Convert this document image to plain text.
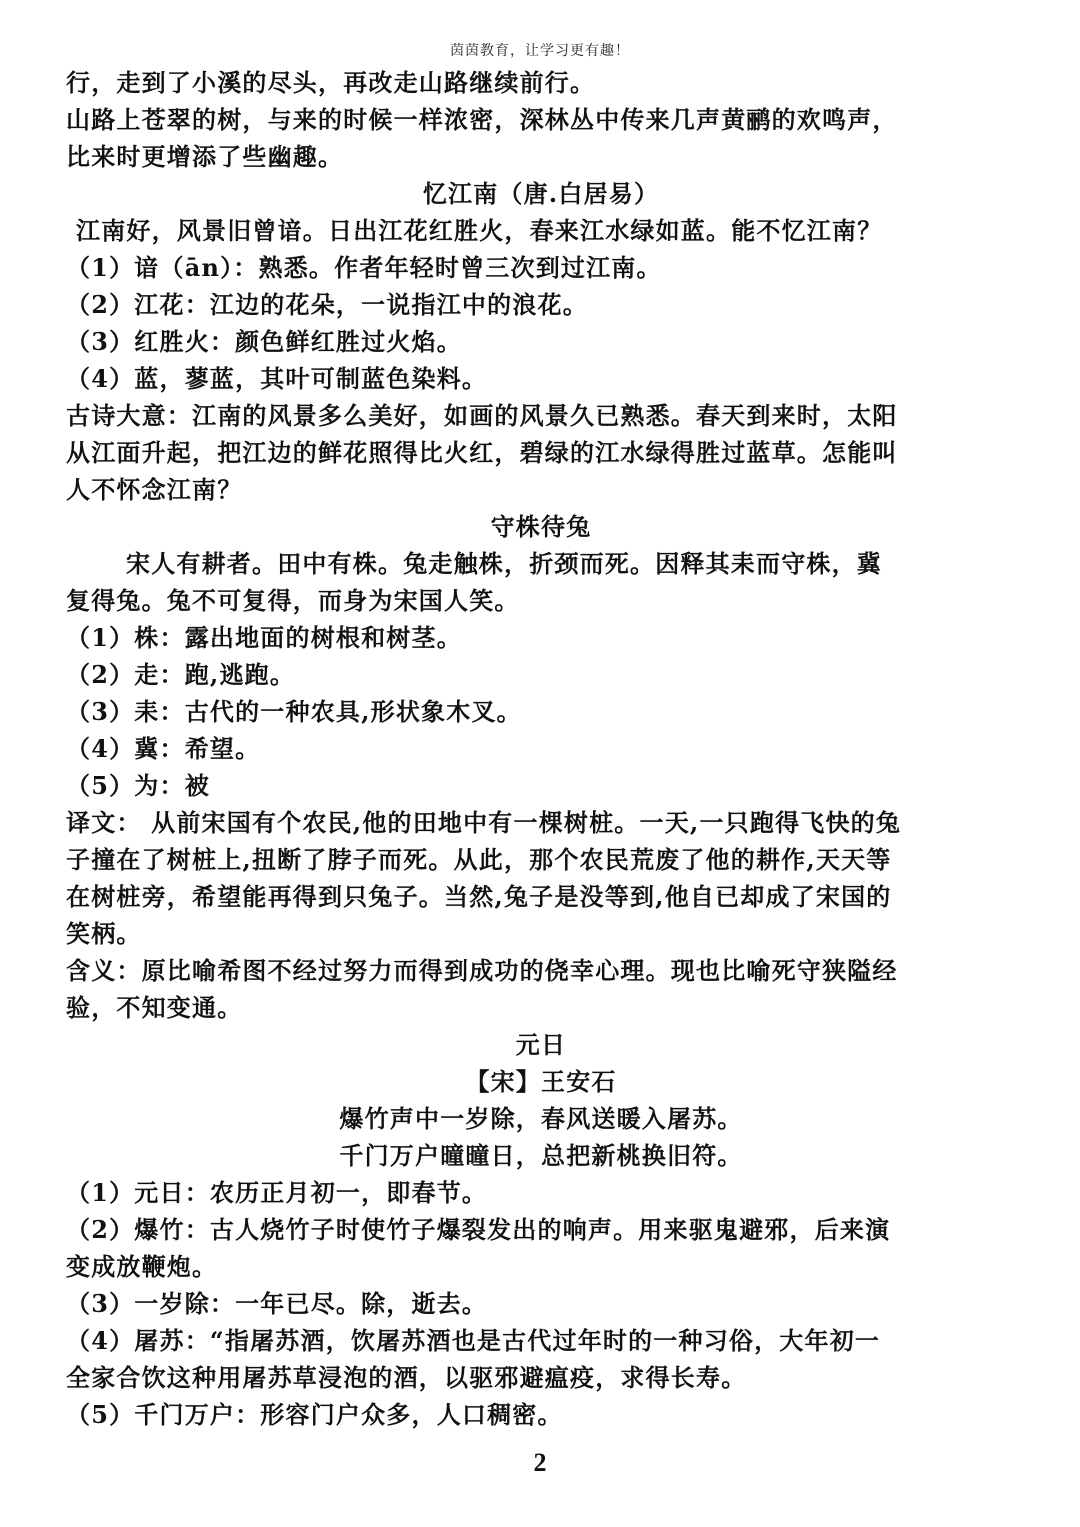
茵茵教育，让学习更有趣！
行，走到了小溪的尽头，再改走山路继续前行。
山路上苍翠的树，与来的时候一样浓密，深林丛中传来几声黄鹂的欢鸣声，
比来时更增添了些幽趣。
忆江南（唐.白居易）
江南好，风景旧曾谙。日出江花红胜火，春来江水绿如蓝。能不忆江南？
（1）谙（ān）：熟悉。作者年轻时曾三次到过江南。
（2）江花：江边的花朵，一说指江中的浪花。
（3）红胜火：颜色鲜红胜过火焰。
（4）蓝，蓼蓝，其叶可制蓝色染料。
古诗大意：江南的风景多么美好，如画的风景久已熟悉。春天到来时，太阳
从江面升起，把江边的鲜花照得比火红，碧绿的江水绿得胜过蓝草。怎能叫
人不怀念江南？
守株待兔
宋人有耕者。田中有株。兔走触株，折颈而死。因释其耒而守株，冀
复得兔。兔不可复得，而身为宋国人笑。
（1）株：露出地面的树根和树茎。
（2）走：跑,逃跑。
（3）耒：古代的一种农具,形状象木叉。
（4）冀：希望。
（5）为：被
译文： 从前宋国有个农民,他的田地中有一棵树桩。一天,一只跑得飞快的兔
子撞在了树桩上,扭断了脖子而死。从此，那个农民荒废了他的耕作,天天等
在树桩旁，希望能再得到只兔子。当然,兔子是没等到,他自已却成了宋国的
笑柄。
含义：原比喻希图不经过努力而得到成功的侥幸心理。现也比喻死守狭隘经
验，不知变通。
元日
【宋】王安石
爆竹声中一岁除，春风送暖入屠苏。
千门万户曈曈日，总把新桃换旧符。
（1）元日：农历正月初一，即春节。
（2）爆竹：古人烧竹子时使竹子爆裂发出的响声。用来驱鬼避邪，后来演
变成放鞭炮。
（3）一岁除：一年已尽。除，逝去。
（4）屠苏：“指屠苏酒，饮屠苏酒也是古代过年时的一种习俗，大年初一
全家合饮这种用屠苏草浸泡的酒，以驱邪避瘟疫，求得长寿。
（5）千门万户：形容门户众多，人口稠密。
2
